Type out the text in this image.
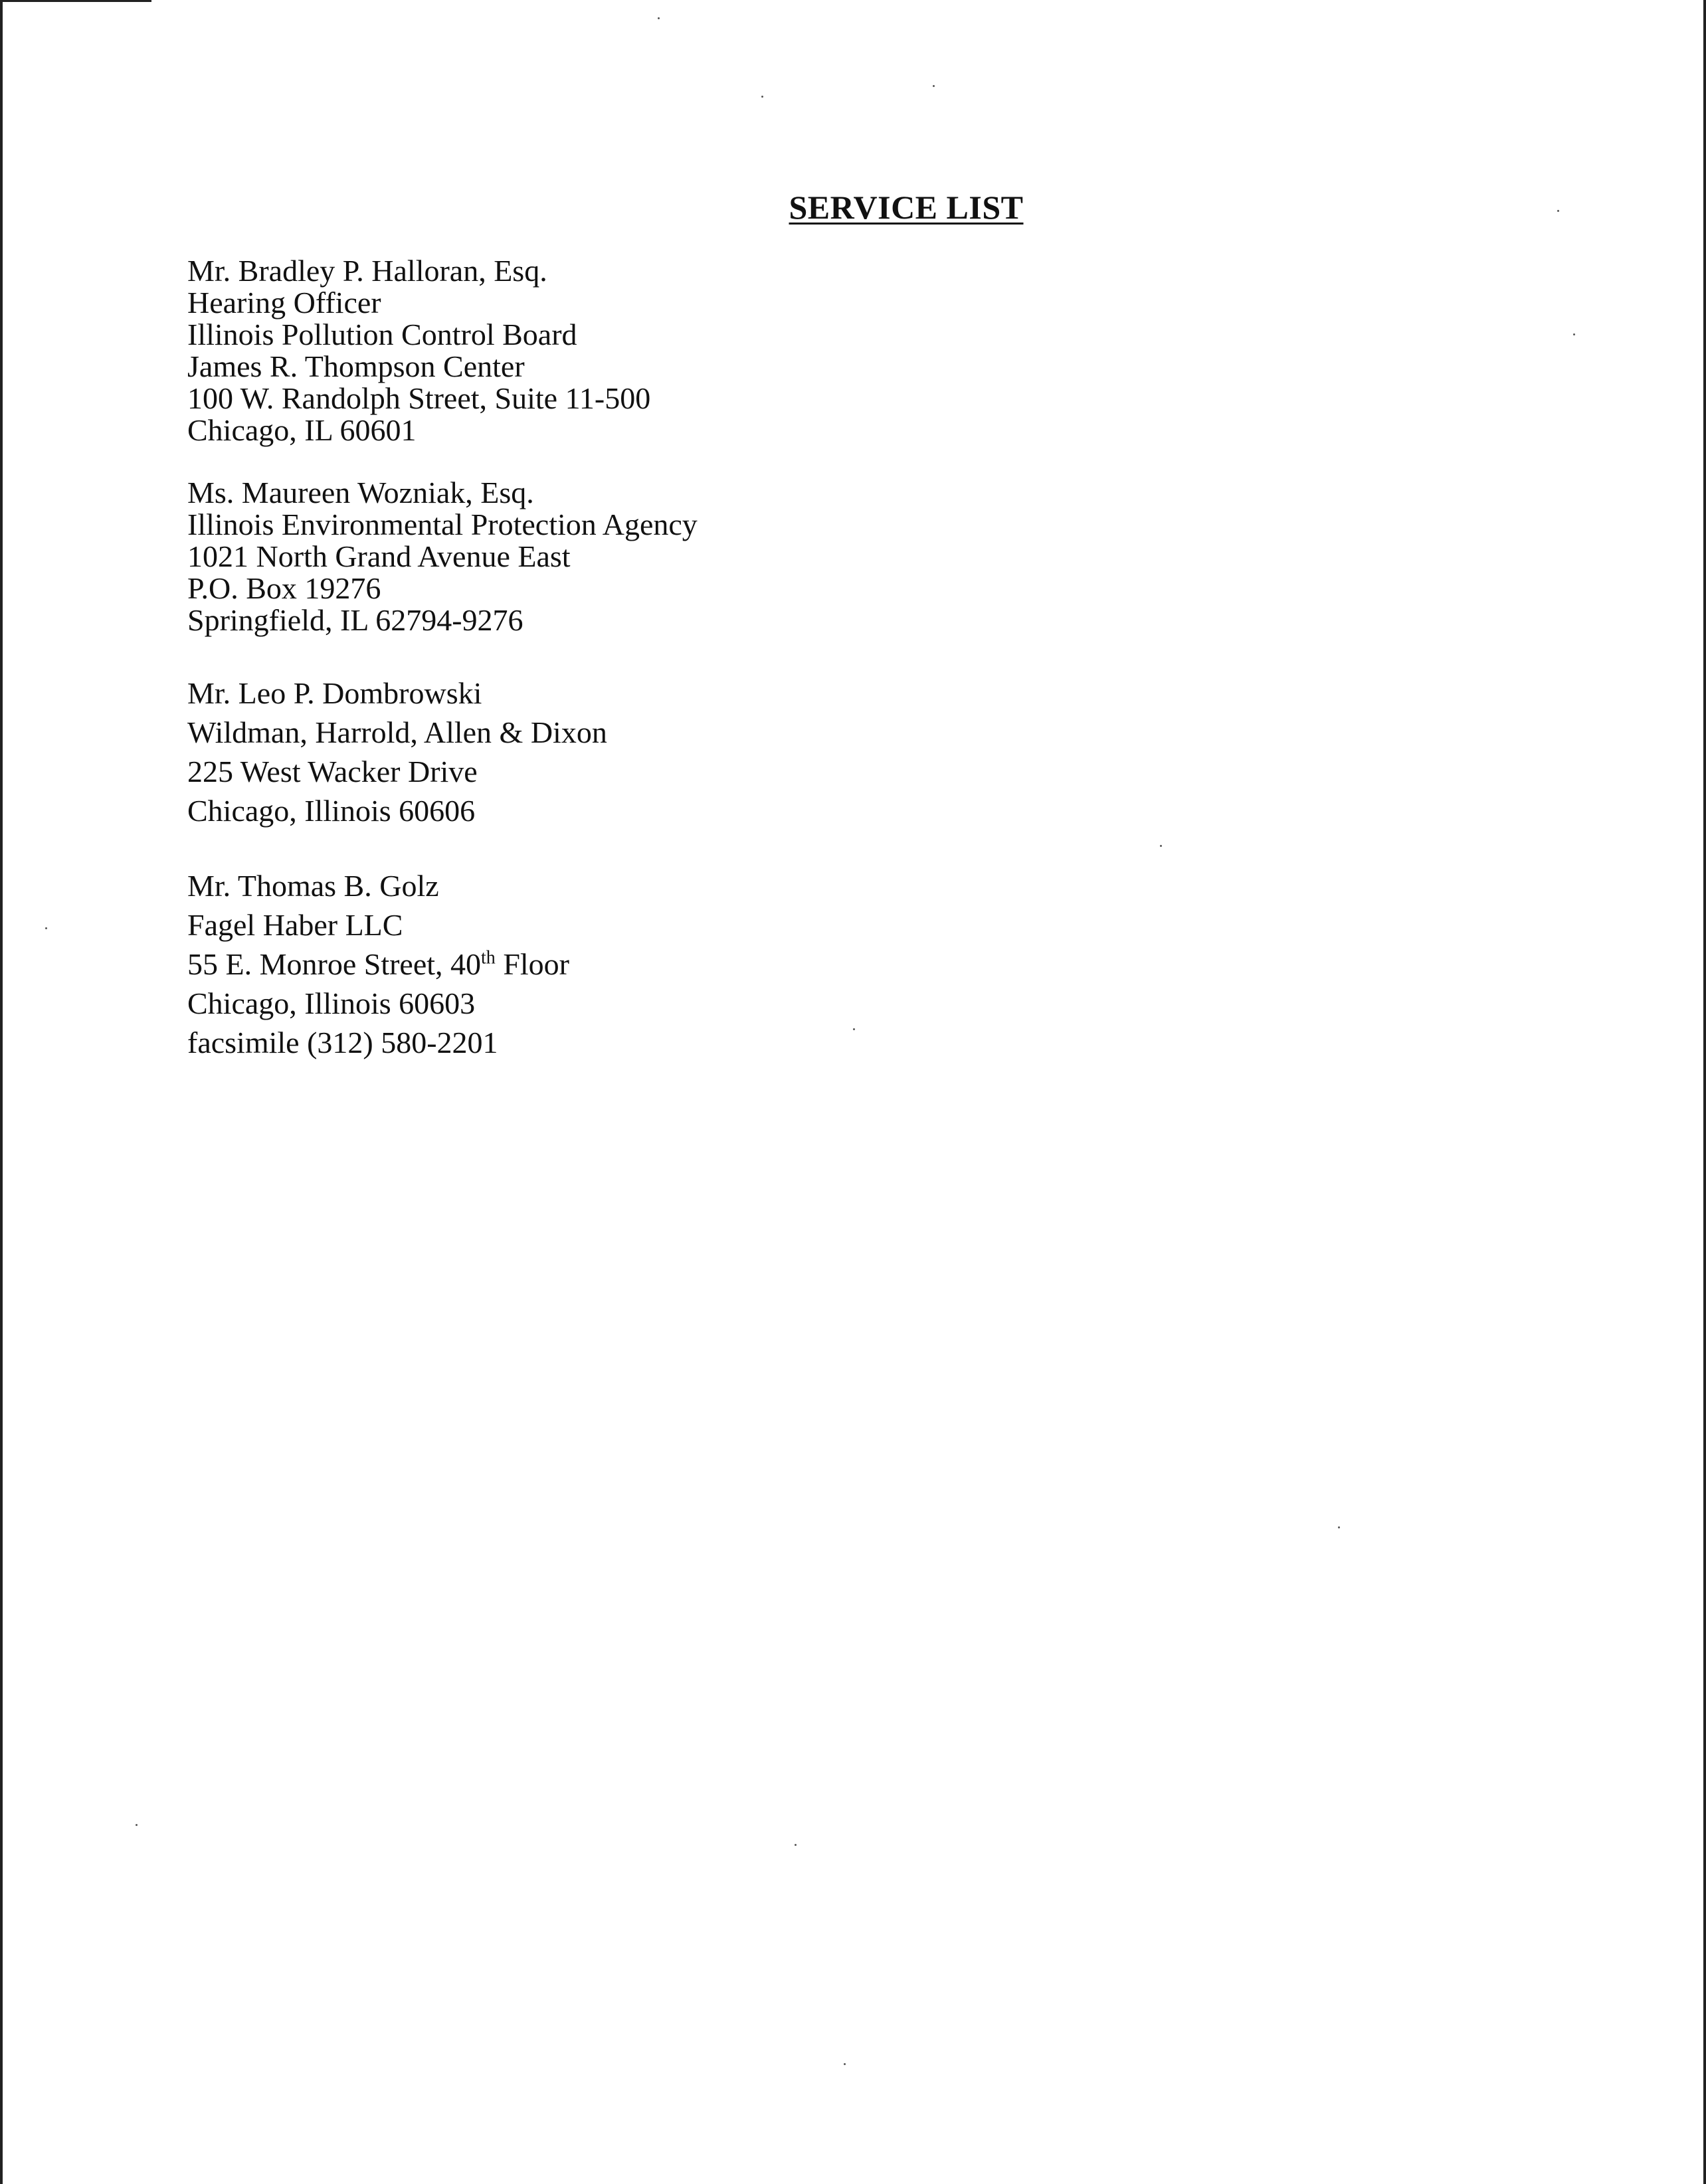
SERVICE LIST
Mr. Bradley P. Halloran, Esq.
Hearing Officer
Illinois Pollution Control Board
James R. Thompson Center
100 W. Randolph Street, Suite 11-500
Chicago, IL 60601
Ms. Maureen Wozniak, Esq.
Illinois Environmental Protection Agency
1021 North Grand Avenue East
P.O. Box 19276
Springfield, IL 62794-9276
Mr. Leo P. Dombrowski
Wildman, Harrold, Allen & Dixon
225 West Wacker Drive
Chicago, Illinois 60606
Mr. Thomas B. Golz
Fagel Haber LLC
55 E. Monroe Street, 40th Floor
Chicago, Illinois 60603
facsimile (312) 580-2201
